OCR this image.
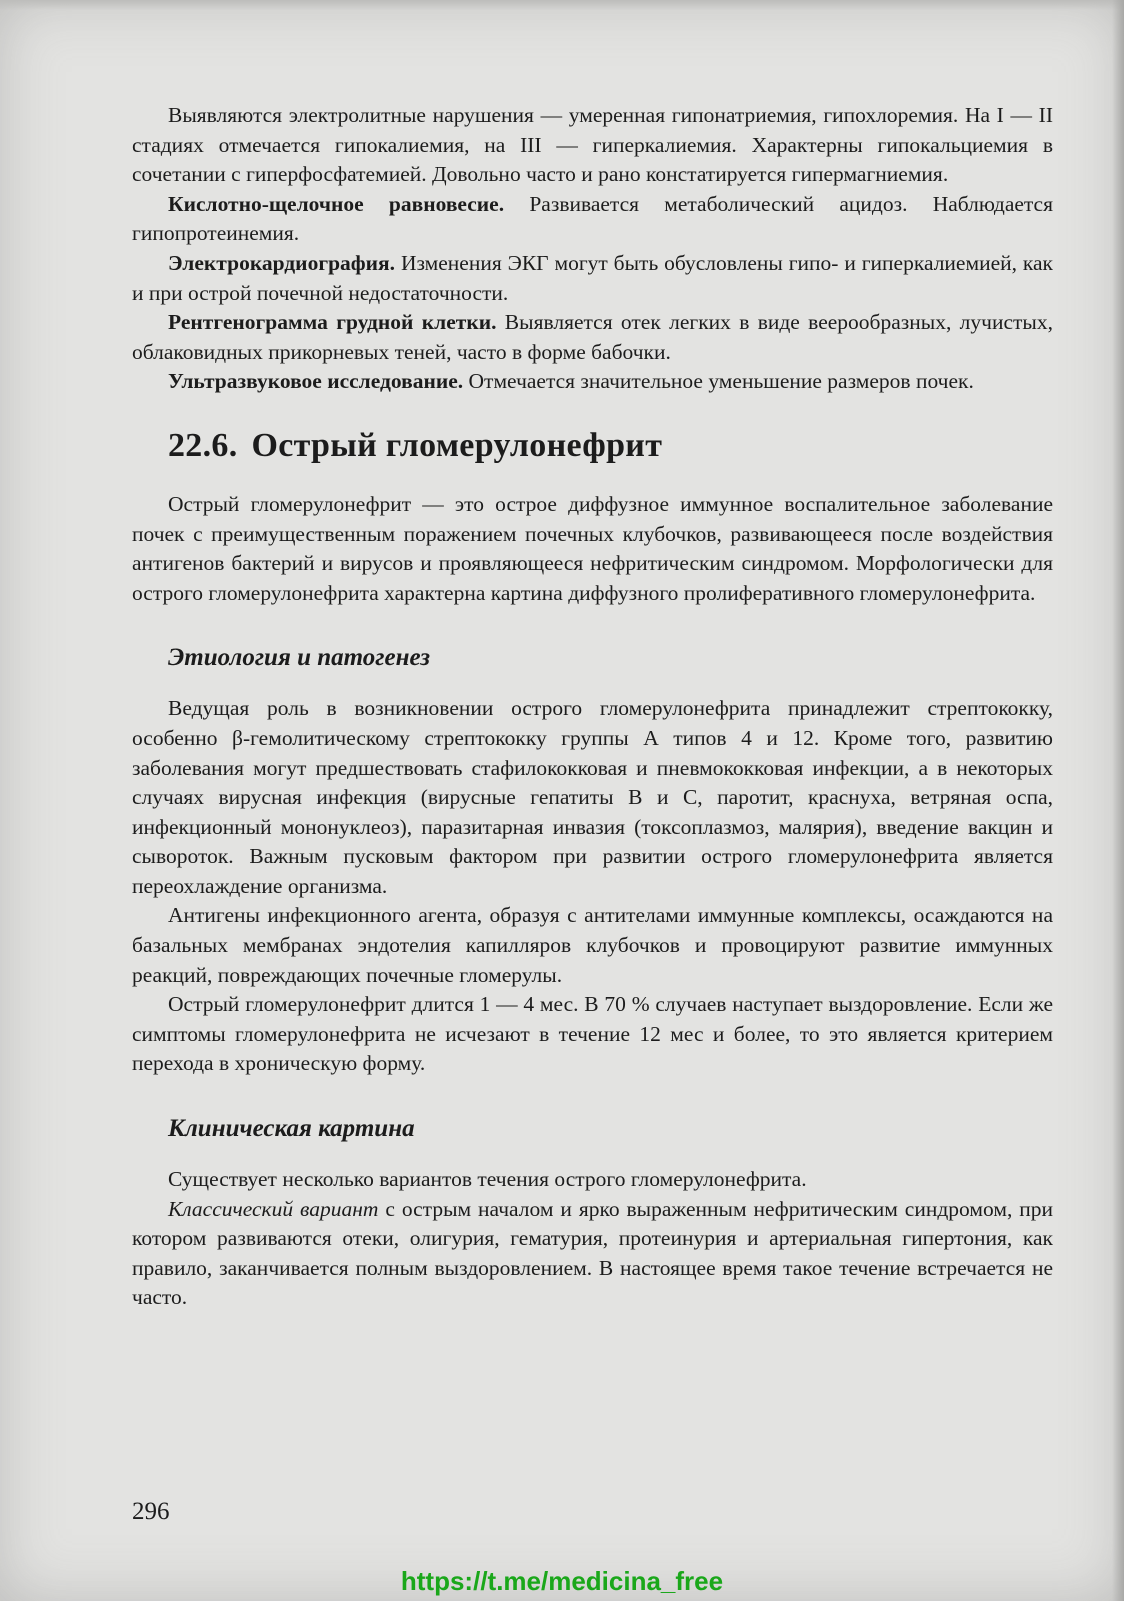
Выявляются электролитные нарушения — умеренная гипонатриемия, гипохлоремия. На I — II стадиях отмечается гипокалиемия, на III — гиперкалиемия. Характерны гипокальциемия в сочетании с гиперфосфатемией. Довольно часто и рано констатируется гипермагниемия.

Кислотно-щелочное равновесие. Развивается метаболический ацидоз. Наблюдается гипопротеинемия.

Электрокардиография. Изменения ЭКГ могут быть обусловлены гипо- и гиперкалиемией, как и при острой почечной недостаточности.

Рентгенограмма грудной клетки. Выявляется отек легких в виде веерообразных, лучистых, облаковидных прикорневых теней, часто в форме бабочки.

Ультразвуковое исследование. Отмечается значительное уменьшение размеров почек.

22.6. Острый гломерулонефрит

Острый гломерулонефрит — это острое диффузное иммунное воспалительное заболевание почек с преимущественным поражением почечных клубочков, развивающееся после воздействия антигенов бактерий и вирусов и проявляющееся нефритическим синдромом. Морфологически для острого гломерулонефрита характерна картина диффузного пролиферативного гломерулонефрита.

Этиология и патогенез

Ведущая роль в возникновении острого гломерулонефрита принадлежит стрептококку, особенно β-гемолитическому стрептококку группы А типов 4 и 12. Кроме того, развитию заболевания могут предшествовать стафилококковая и пневмококковая инфекции, а в некоторых случаях вирусная инфекция (вирусные гепатиты В и С, паротит, краснуха, ветряная оспа, инфекционный мононуклеоз), паразитарная инвазия (токсоплазмоз, малярия), введение вакцин и сывороток. Важным пусковым фактором при развитии острого гломерулонефрита является переохлаждение организма.

Антигены инфекционного агента, образуя с антителами иммунные комплексы, осаждаются на базальных мембранах эндотелия капилляров клубочков и провоцируют развитие иммунных реакций, повреждающих почечные гломерулы.

Острый гломерулонефрит длится 1 — 4 мес. В 70 % случаев наступает выздоровление. Если же симптомы гломерулонефрита не исчезают в течение 12 мес и более, то это является критерием перехода в хроническую форму.

Клиническая картина

Существует несколько вариантов течения острого гломерулонефрита.

Классический вариант с острым началом и ярко выраженным нефритическим синдромом, при котором развиваются отеки, олигурия, гематурия, протеинурия и артериальная гипертония, как правило, заканчивается полным выздоровлением. В настоящее время такое течение встречается не часто.

296
https://t.me/medicina_free
